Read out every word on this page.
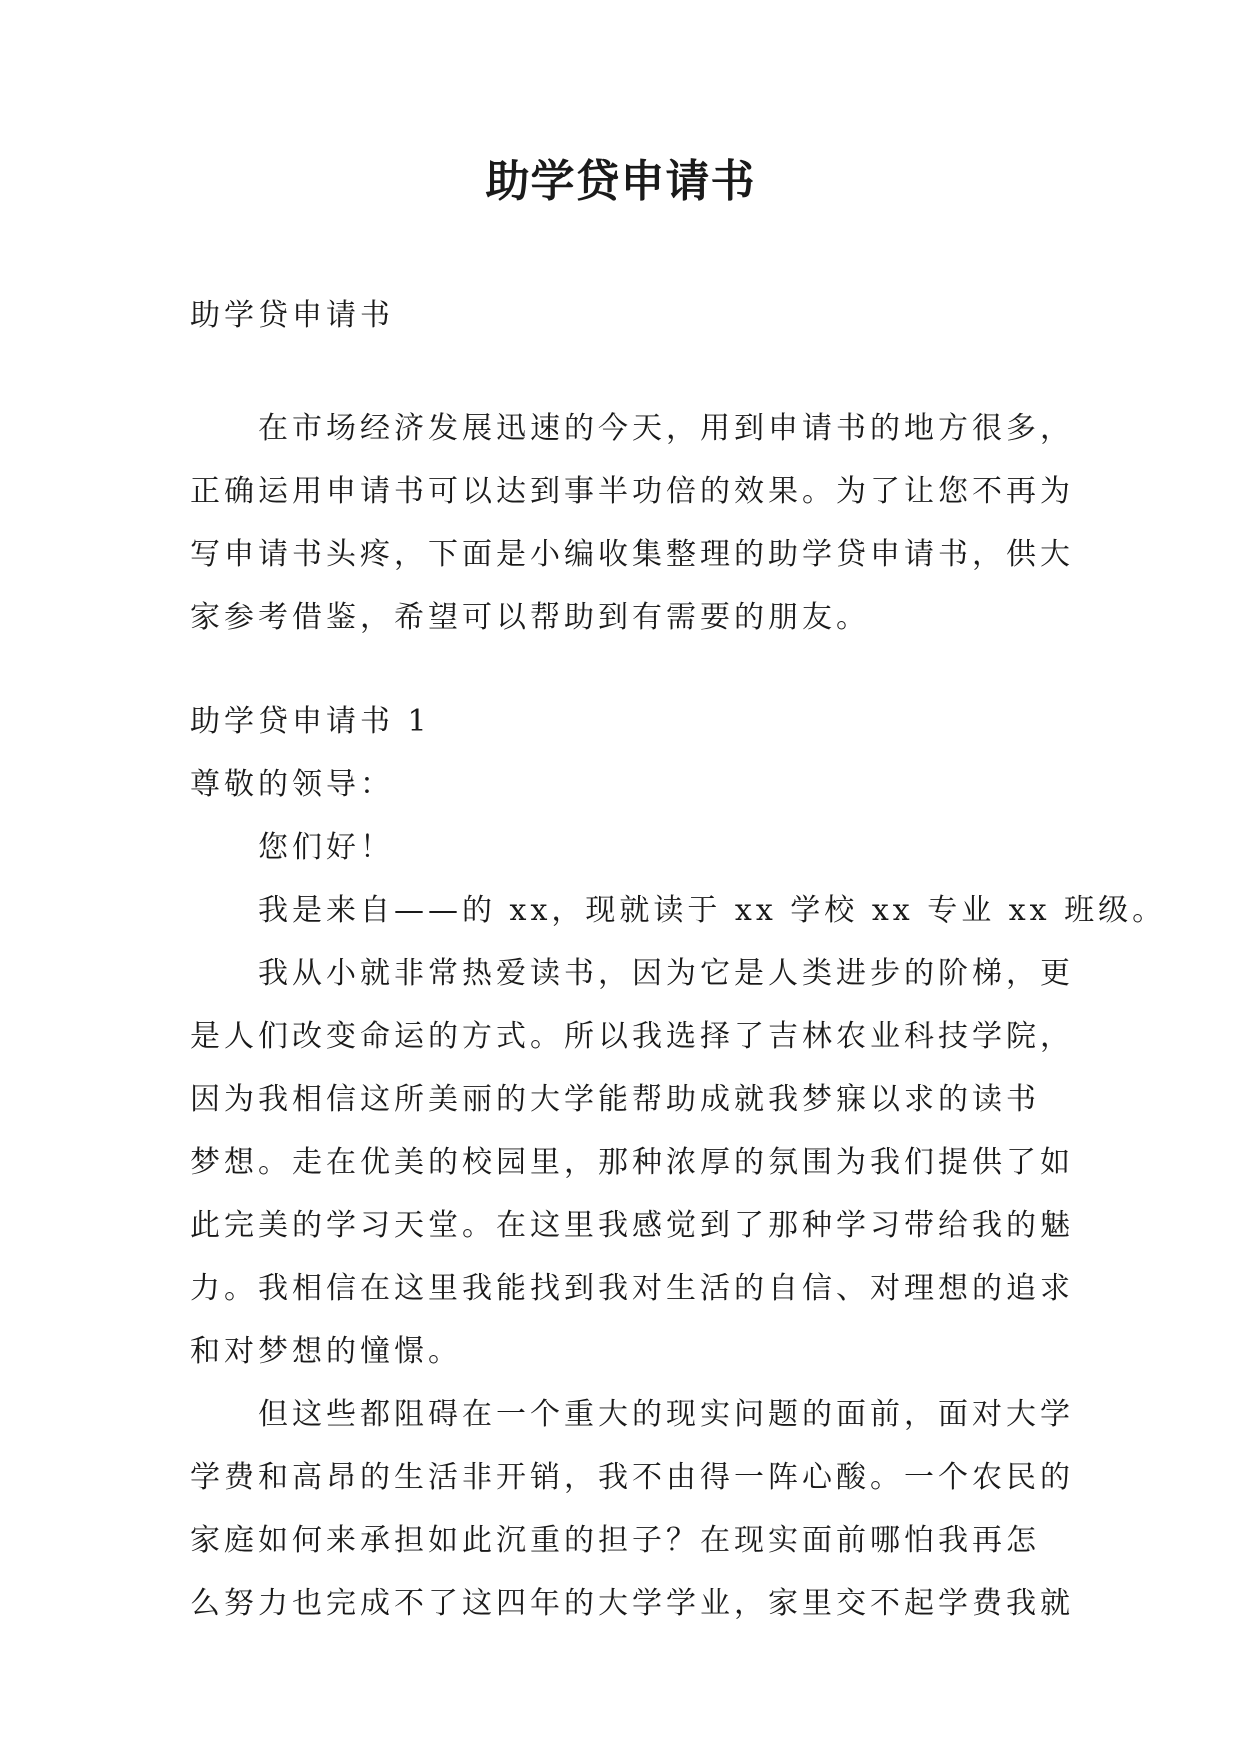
助学贷申请书

助学贷申请书

在市场经济发展迅速的今天，用到申请书的地方很多，

正确运用申请书可以达到事半功倍的效果。为了让您不再为

写申请书头疼，下面是小编收集整理的助学贷申请书，供大

家参考借鉴，希望可以帮助到有需要的朋友。

助学贷申请书 1

尊敬的领导：

您们好！

我是来自——的 xx，现就读于 xx 学校 xx 专业 xx 班级。

我从小就非常热爱读书，因为它是人类进步的阶梯，更

是人们改变命运的方式。所以我选择了吉林农业科技学院，

因为我相信这所美丽的大学能帮助成就我梦寐以求的读书

梦想。走在优美的校园里，那种浓厚的氛围为我们提供了如

此完美的学习天堂。在这里我感觉到了那种学习带给我的魅

力。我相信在这里我能找到我对生活的自信、对理想的追求

和对梦想的憧憬。

但这些都阻碍在一个重大的现实问题的面前，面对大学

学费和高昂的生活非开销，我不由得一阵心酸。一个农民的

家庭如何来承担如此沉重的担子？在现实面前哪怕我再怎

么努力也完成不了这四年的大学学业，家里交不起学费我就
